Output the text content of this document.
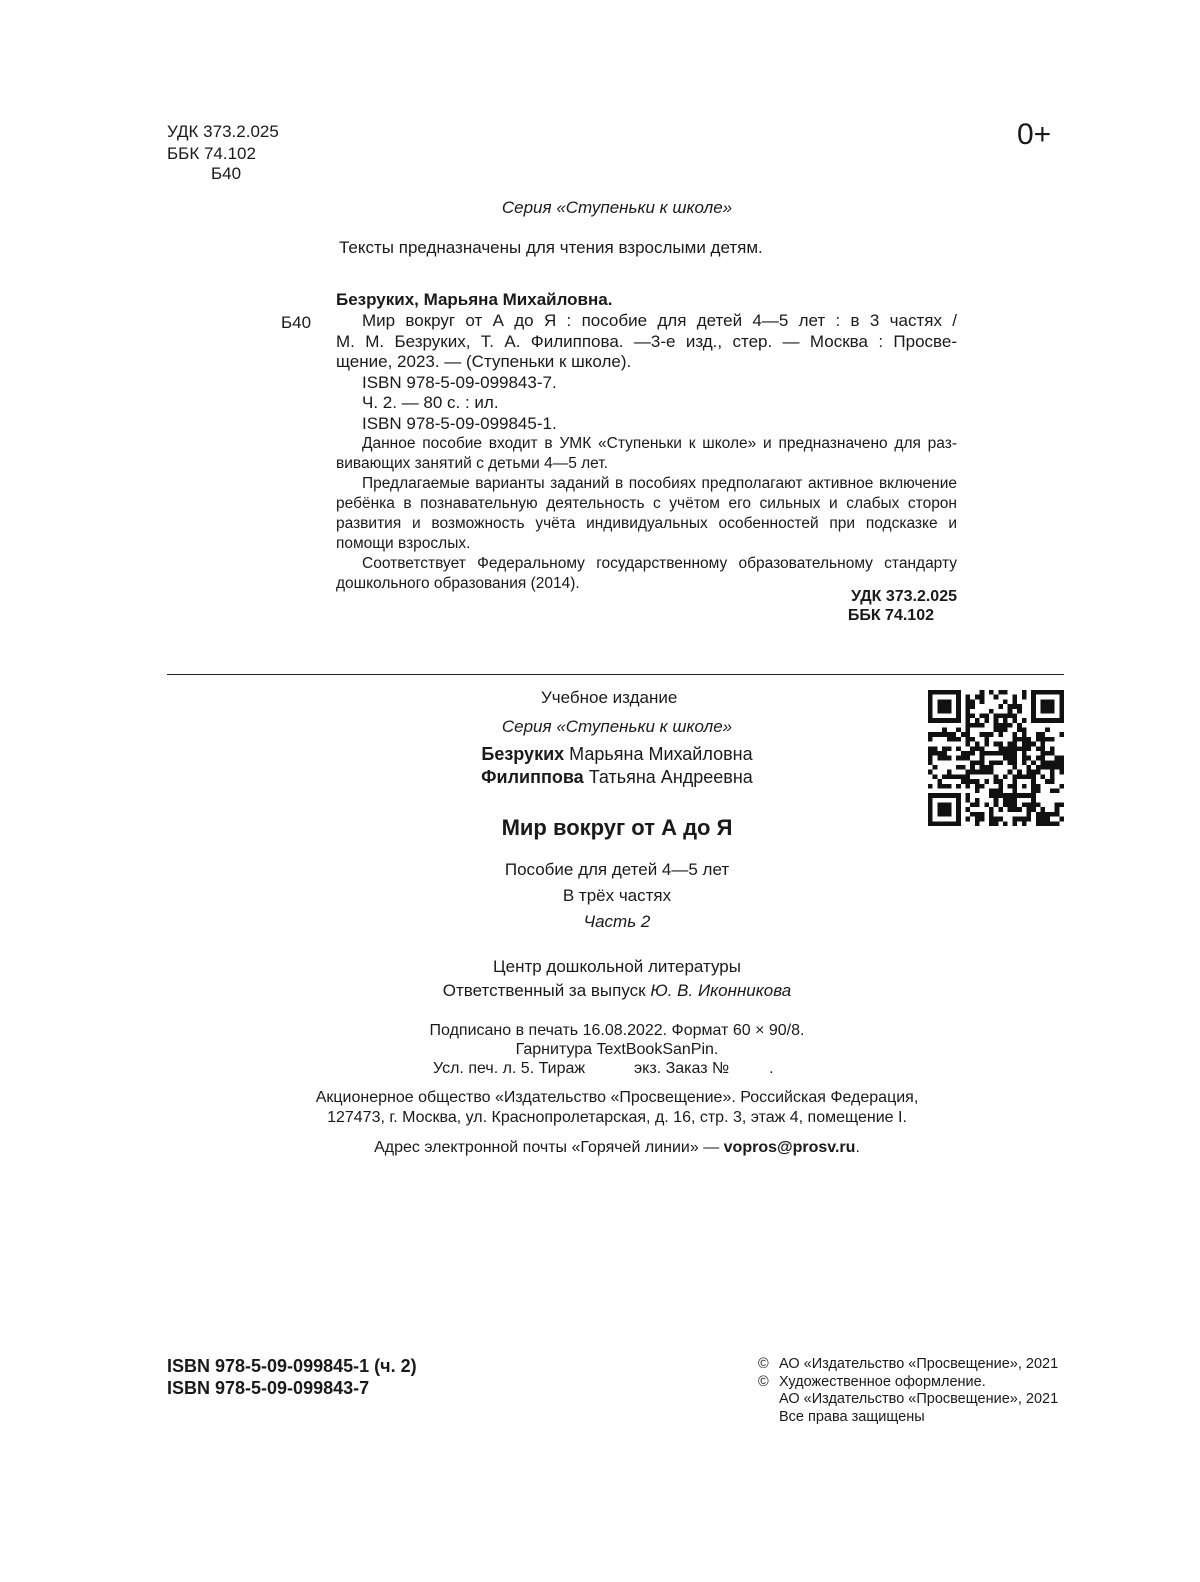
УДК 373.2.025
ББК 74.102
Б40
0+
Серия «Ступеньки к школе»
Тексты предназначены для чтения взрослыми детям.
Безруких, Марьяна Михайловна.
Б40	Мир вокруг от А до Я : пособие для детей 4—5 лет : в 3 частях /
М. М. Безруких, Т. А. Филиппова. —3-е изд., стер. — Москва : Просве-
щение, 2023. — (Ступеньки к школе).
ISBN 978-5-09-099843-7.
Ч. 2. — 80 с. : ил.
ISBN 978-5-09-099845-1.
Данное пособие входит в УМК «Ступеньки к школе» и предназначено для раз-
вивающих занятий с детьми 4—5 лет.
Предлагаемые варианты заданий в пособиях предполагают активное включение
ребёнка в познавательную деятельность с учётом его сильных и слабых сторон
развития и возможность учёта индивидуальных особенностей при подсказке и
помощи взрослых.
Соответствует Федеральному государственному образовательному стандарту
дошкольного образования (2014).
УДК 373.2.025
ББК 74.102
Учебное издание
Серия «Ступеньки к школе»
Безруких Марьяна Михайловна
Филиппова Татьяна Андреевна
Мир вокруг от А до Я
Пособие для детей 4—5 лет
В трёх частях
Часть 2
Центр дошкольной литературы
Ответственный за выпуск Ю. В. Иконникова
Подписано в печать 16.08.2022. Формат 60 × 90/8.
Гарнитура TextBookSanPin.
Усл. печ. л. 5. Тираж           экз. Заказ №         .
Акционерное общество «Издательство «Просвещение». Российская Федерация,
127473, г. Москва, ул. Краснопролетарская, д. 16, стр. 3, этаж 4, помещение I.
Адрес электронной почты «Горячей линии» — vopros@prosv.ru.
ISBN 978-5-09-099845-1 (ч. 2)
ISBN 978-5-09-099843-7
© АО «Издательство «Просвещение», 2021
© Художественное оформление.
АО «Издательство «Просвещение», 2021
Все права защищены
